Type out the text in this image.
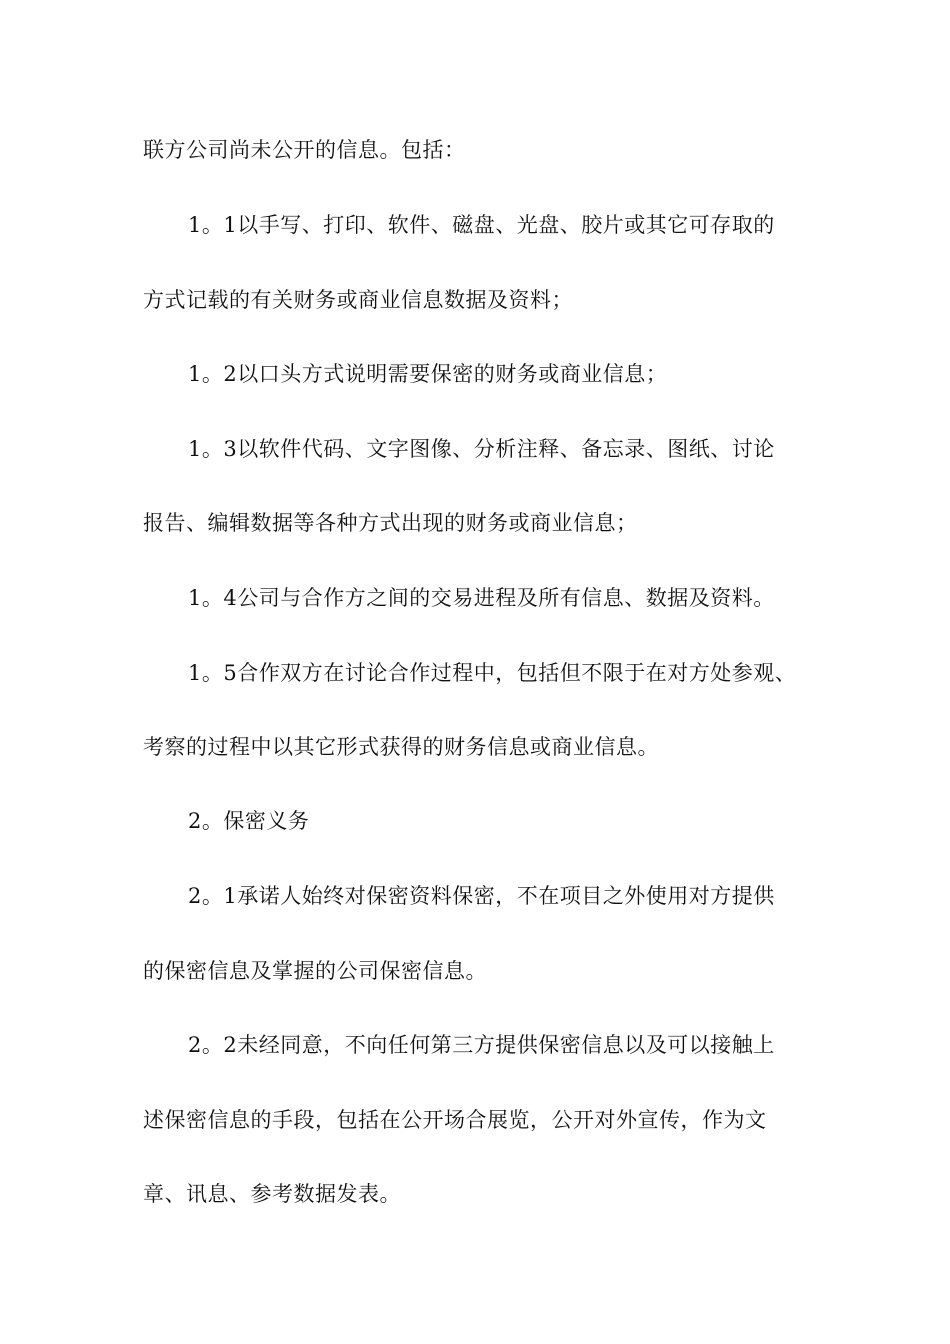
联方公司尚未公开的信息。包括：
1。1以手写、打印、软件、磁盘、光盘、胶片或其它可存取的
方式记载的有关财务或商业信息数据及资料；
1。2以口头方式说明需要保密的财务或商业信息；
1。3以软件代码、文字图像、分析注释、备忘录、图纸、讨论
报告、编辑数据等各种方式出现的财务或商业信息；
1。4公司与合作方之间的交易进程及所有信息、数据及资料。
1。5合作双方在讨论合作过程中，包括但不限于在对方处参观、
考察的过程中以其它形式获得的财务信息或商业信息。
2。保密义务
2。1承诺人始终对保密资料保密，不在项目之外使用对方提供
的保密信息及掌握的公司保密信息。
2。2未经同意，不向任何第三方提供保密信息以及可以接触上
述保密信息的手段，包括在公开场合展览，公开对外宣传，作为文
章、讯息、参考数据发表。
